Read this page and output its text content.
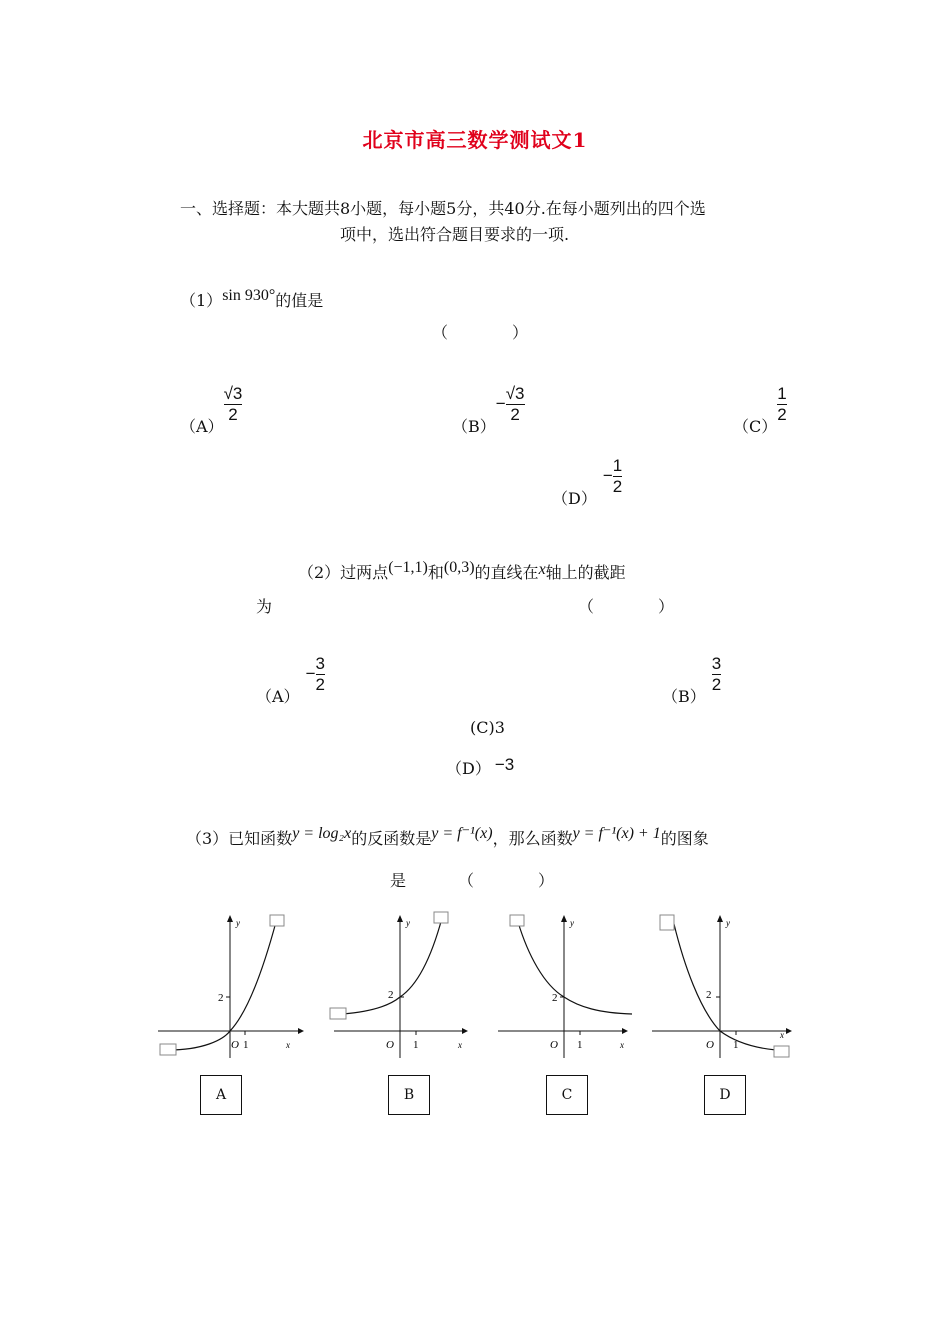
北京市高三数学测试文1
一、选择题：本大题共8小题，每小题5分，共40分.在每小题列出的四个选
项中，选出符合题目要求的一项.
（1）sin 930°的值是
（　　　　）
（A）
$\frac{√3}{2}$
$(B)- \frac{√3}{2}$
（C）
$\frac{1}{2}$
$(D)- \frac{1}{2}$
（2）过两点(−1,1)和(0,3)的直线在x轴上的截距
为	（　　　　）
$(A)- \frac{3}{2}$
（B）
$\frac{3}{2}$
(C)3
（D） −3
（3）已知函数y = log₂x的反函数是y = f⁻¹(x)，那么函数y = f⁻¹(x) + 1的图象
是	（　　　　）
y
2
O 1	x
y
2
O 1	x
y
2
O 1	x
y
2
O 1
x
A	B	C	D
